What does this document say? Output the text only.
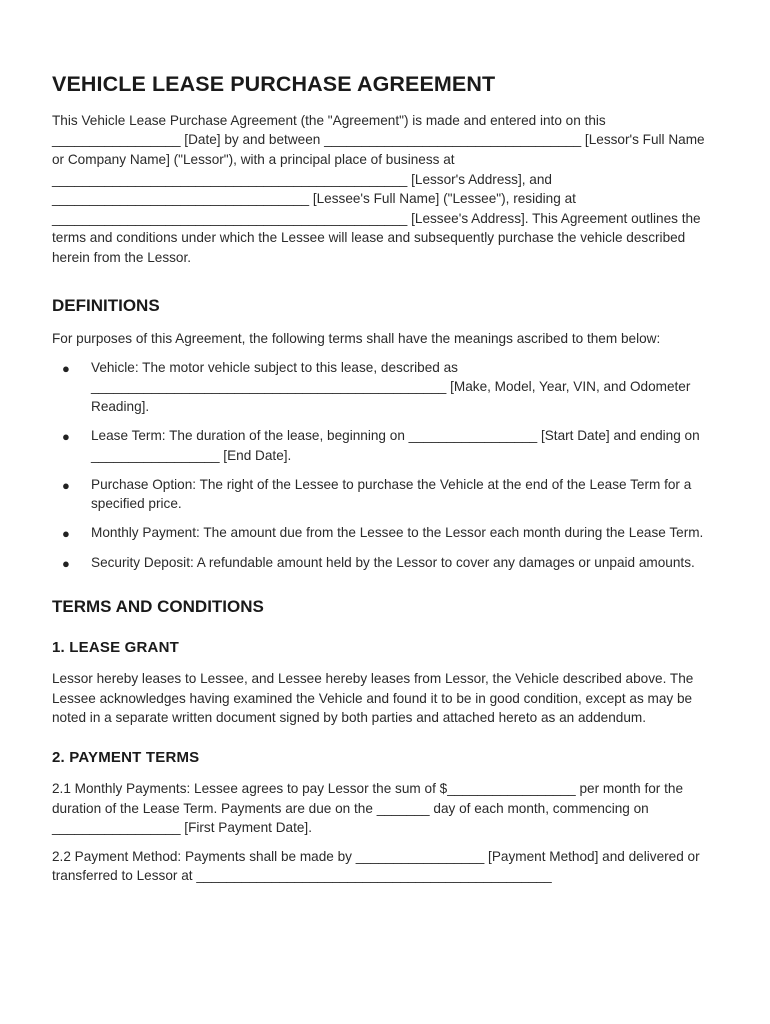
VEHICLE LEASE PURCHASE AGREEMENT

This Vehicle Lease Purchase Agreement (the "Agreement") is made and entered into on this _________________ [Date] by and between __________________________________ [Lessor's Full Name or Company Name] ("Lessor"), with a principal place of business at _______________________________________________ [Lessor's Address], and __________________________________ [Lessee's Full Name] ("Lessee"), residing at _______________________________________________ [Lessee's Address]. This Agreement outlines the terms and conditions under which the Lessee will lease and subsequently purchase the vehicle described herein from the Lessor.

DEFINITIONS

For purposes of this Agreement, the following terms shall have the meanings ascribed to them below:

● Vehicle: The motor vehicle subject to this lease, described as _______________________________________________ [Make, Model, Year, VIN, and Odometer Reading].
● Lease Term: The duration of the lease, beginning on _________________ [Start Date] and ending on _________________ [End Date].
● Purchase Option: The right of the Lessee to purchase the Vehicle at the end of the Lease Term for a specified price.
● Monthly Payment: The amount due from the Lessee to the Lessor each month during the Lease Term.
● Security Deposit: A refundable amount held by the Lessor to cover any damages or unpaid amounts.
TERMS AND CONDITIONS
1. LEASE GRANT

Lessor hereby leases to Lessee, and Lessee hereby leases from Lessor, the Vehicle described above. The Lessee acknowledges having examined the Vehicle and found it to be in good condition, except as may be noted in a separate written document signed by both parties and attached hereto as an addendum.

2. PAYMENT TERMS

2.1 Monthly Payments: Lessee agrees to pay Lessor the sum of $_________________ per month for the duration of the Lease Term. Payments are due on the _______ day of each month, commencing on _________________ [First Payment Date].

2.2 Payment Method: Payments shall be made by _________________ [Payment Method] and delivered or transferred to Lessor at _______________________________________________
